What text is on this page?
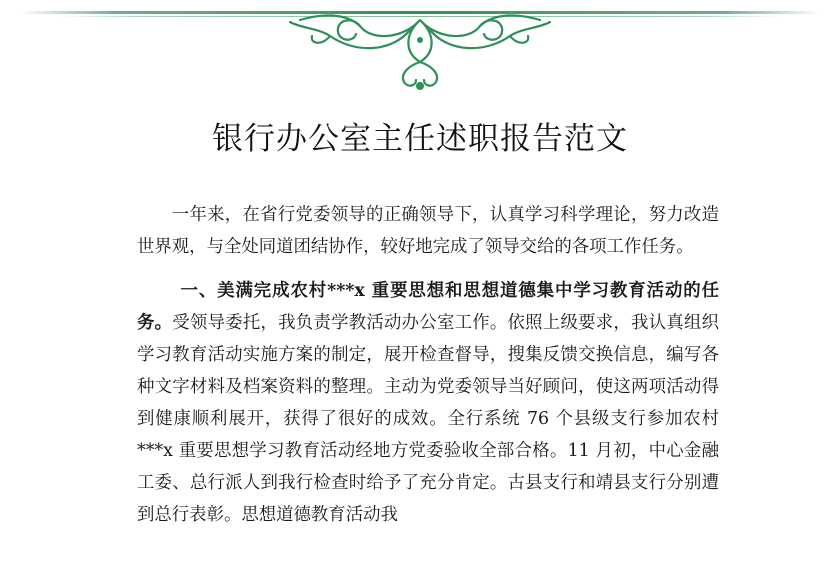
银行办公室主任述职报告范文

一年来，在省行党委领导的正确领导下，认真学习科学理论，努力改造世界观，与全处同道团结协作，较好地完成了领导交给的各项工作任务。

一、美满完成农村***x 重要思想和思想道德集中学习教育活动的任务。受领导委托，我负责学教活动办公室工作。依照上级要求，我认真组织学习教育活动实施方案的制定，展开检查督导，搜集反馈交换信息，编写各种文字材料及档案资料的整理。主动为党委领导当好顾问，使这两项活动得到健康顺利展开，获得了很好的成效。全行系统 76 个县级支行参加农村***x 重要思想学习教育活动经地方党委验收全部合格。11 月初，中心金融工委、总行派人到我行检查时给予了充分肯定。古县支行和靖县支行分别遭到总行表彰。思想道德教育活动我
